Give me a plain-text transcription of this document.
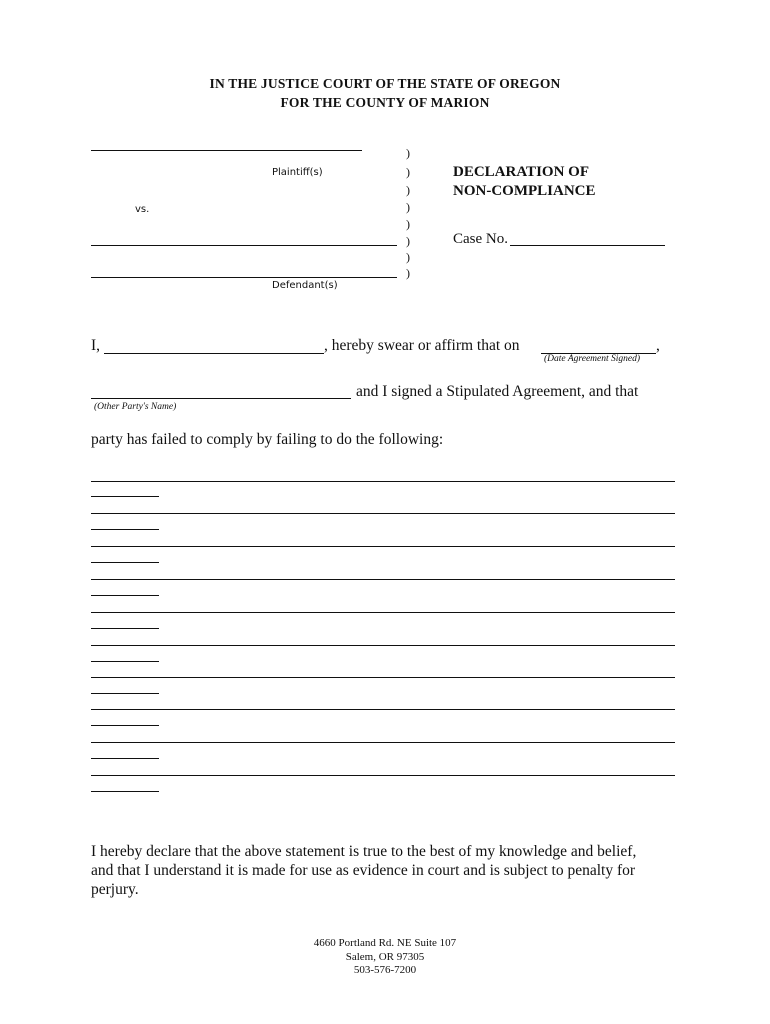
IN THE JUSTICE COURT OF THE STATE OF OREGON
FOR THE COUNTY OF MARION
Plaintiff(s)
vs.
Defendant(s)
)
)
)
)
)
)
)
)
DECLARATION OF
NON-COMPLIANCE
Case No.
I,	, hereby swear or affirm that on	,
(Date Agreement Signed)
and I signed a Stipulated Agreement, and that
(Other Party's Name)
party has failed to comply by failing to do the following:
I hereby declare that the above statement is true to the best of my knowledge and belief,
and that I understand it is made for use as evidence in court and is subject to penalty for
perjury.
4660 Portland Rd. NE Suite 107
Salem, OR 97305
503-576-7200
